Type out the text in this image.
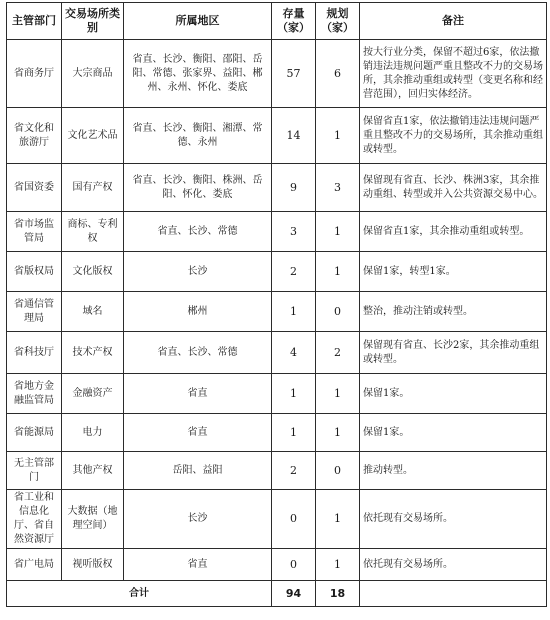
主管部门	交易场所类别	所属地区	存量（家）	规划（家）	备注
省商务厅	大宗商品	省直、长沙、衡阳、邵阳、岳阳、常德、张家界、益阳、郴州、永州、怀化、娄底	57	6	按大行业分类，保留不超过6家，依法撤销违法违规问题严重且整改不力的交易场所，其余推动重组或转型（变更名称和经营范围），回归实体经济。
省文化和旅游厅	文化艺术品	省直、长沙、衡阳、湘潭、常德、永州	14	1	保留省直1家，依法撤销违法违规问题严重且整改不力的交易场所，其余推动重组或转型。
省国资委	国有产权	省直、长沙、衡阳、株洲、岳阳、怀化、娄底	9	3	保留现有省直、长沙、株洲3家，其余推动重组、转型或并入公共资源交易中心。
省市场监管局	商标、专利权	省直、长沙、常德	3	1	保留省直1家，其余推动重组或转型。
省版权局	文化版权	长沙	2	1	保留1家，转型1家。
省通信管理局	域名	郴州	1	0	整治，推动注销或转型。
省科技厅	技术产权	省直、长沙、常德	4	2	保留现有省直、长沙2家，其余推动重组或转型。
省地方金融监管局	金融资产	省直	1	1	保留1家。
省能源局	电力	省直	1	1	保留1家。
无主管部门	其他产权	岳阳、益阳	2	0	推动转型。
省工业和信息化厅、省自然资源厅	大数据（地理空间）	长沙	0	1	依托现有交易场所。
省广电局	视听版权	省直	0	1	依托现有交易场所。
合计			94	18	
